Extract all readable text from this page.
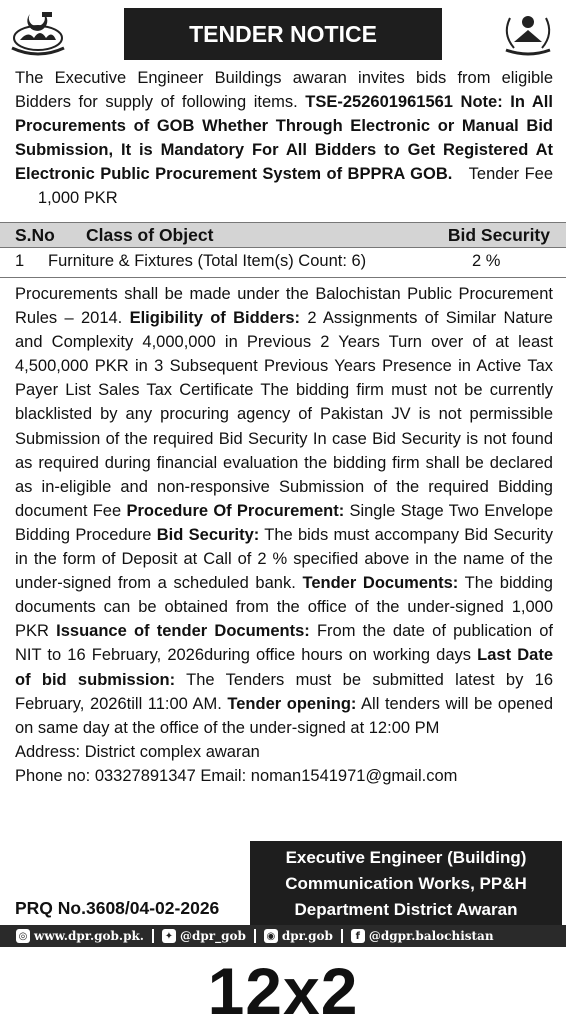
TENDER NOTICE
The Executive Engineer Buildings awaran invites bids from eligible Bidders for supply of following items. TSE-252601961561 Note: In All Procurements of GOB Whether Through Electronic or Manual Bid Submission, It is Mandatory For All Bidders to Get Registered At Electronic Public Procurement System of BPPRA GOB. Tender Fee      1,000 PKR
S.No Class of Object	Bid Security
1 Furniture & Fixtures (Total Item(s) Count: 6)	2 %
Procurements shall be made under the Balochistan Public Procurement Rules – 2014. Eligibility of Bidders: 2 Assignments of Similar Nature and Complexity 4,000,000 in Previous 2 Years Turn over of at least 4,500,000 PKR in 3 Subsequent Previous Years Presence in Active Tax Payer List Sales Tax Certificate The bidding firm must not be currently blacklisted by any procuring agency of Pakistan JV is not permissible Submission of the required Bid Security In case Bid Security is not found as required during financial evaluation the bidding firm shall be declared as in-eligible and non-responsive Submission of the required Bidding document Fee Procedure Of Procurement: Single Stage Two Envelope Bidding Procedure Bid Security: The bids must accompany Bid Security in the form of Deposit at Call of 2 % specified above in the name of the under-signed from a scheduled bank. Tender Documents: The bidding documents can be obtained from the office of the under-signed 1,000 PKR Issuance of tender Documents: From the date of publication of NIT to 16 February, 2026during office hours on working days Last Date of bid submission: The Tenders must be submitted latest by 16 February, 2026till 11:00 AM. Tender opening: All tenders will be opened on same day at the office of the under-signed at 12:00 PM
Address: District complex awaran
Phone no: 03327891347 Email: noman1541971@gmail.com
Executive Engineer (Building)
Communication Works, PP&H
Department District Awaran
PRQ No.3608/04-02-2026
◎ www.dpr.gob.pk. ✦ @dpr_gob ◉ dpr.gob	f @dgpr.balochistan
12x2
